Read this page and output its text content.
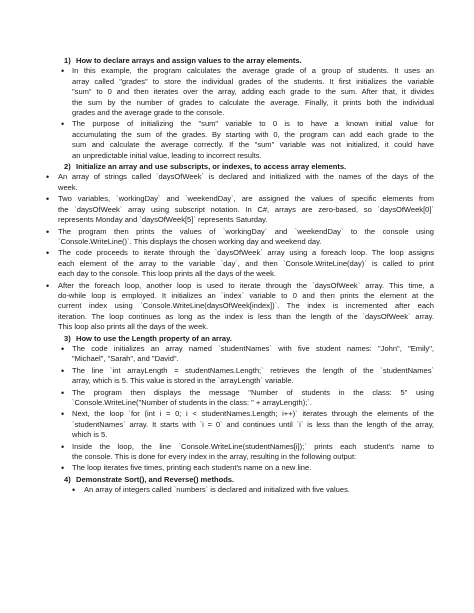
1) How to declare arrays and assign values to the array elements.
• In this example, the program calculates the average grade of a group of students. It uses an
array called "grades" to store the individual grades of the students. It first initializes the variable
"sum" to 0 and then iterates over the array, adding each grade to the sum. After that, it divides
the sum by the number of grades to calculate the average. Finally, it prints both the individual
grades and the average grade to the console.
• The purpose of initializing the "sum" variable to 0 is to have a known initial value for
accumulating the sum of the grades. By starting with 0, the program can add each grade to the
sum and calculate the average correctly. If the "sum" variable was not initialized, it could have
an unpredictable initial value, leading to incorrect results.
2) Initialize an array and use subscripts, or indexes, to access array elements.
• An array of strings called `daysOfWeek` is declared and initialized with the names of the days of the
week.
• Two variables, `workingDay` and `weekendDay`, are assigned the values of specific elements from
the `daysOfWeek` array using subscript notation. In C#, arrays are zero-based, so `daysOfWeek[0]`
represents Monday and `daysOfWeek[5]` represents Saturday.
• The program then prints the values of `workingDay` and `weekendDay` to the console using
`Console.WriteLine()`. This displays the chosen working day and weekend day.
• The code proceeds to iterate through the `daysOfWeek` array using a foreach loop. The loop assigns
each element of the array to the variable `day`, and then `Console.WriteLine(day)` is called to print
each day to the console. This loop prints all the days of the week.
• After the foreach loop, another loop is used to iterate through the `daysOfWeek` array. This time, a
do-while loop is employed. It initializes an `index` variable to 0 and then prints the element at the
current index using `Console.WriteLine(daysOfWeek[index])`. The index is incremented after each
iteration. The loop continues as long as the index is less than the length of the `daysOfWeek` array.
This loop also prints all the days of the week.
3) How to use the Length property of an array.
• The code initializes an array named `studentNames` with five student names: "John", "Emily",
"Michael", "Sarah", and "David".
• The line `int arrayLength = studentNames.Length;` retrieves the length of the `studentNames`
array, which is 5. This value is stored in the `arrayLength` variable.
• The program then displays the message "Number of students in the class: 5" using
`Console.WriteLine("Number of students in the class: " + arrayLength);`.
• Next, the loop `for (int i = 0; i < studentNames.Length; i++)` iterates through the elements of the
`studentNames` array. It starts with `i = 0` and continues until `i` is less than the length of the array,
which is 5.
• Inside the loop, the line `Console.WriteLine(studentNames[i]);` prints each student's name to
the console. This is done for every index in the array, resulting in the following output:
• The loop iterates five times, printing each student's name on a new line.
4) Demonstrate Sort(), and Reverse() methods.
• An array of integers called `numbers` is declared and initialized with five values.
